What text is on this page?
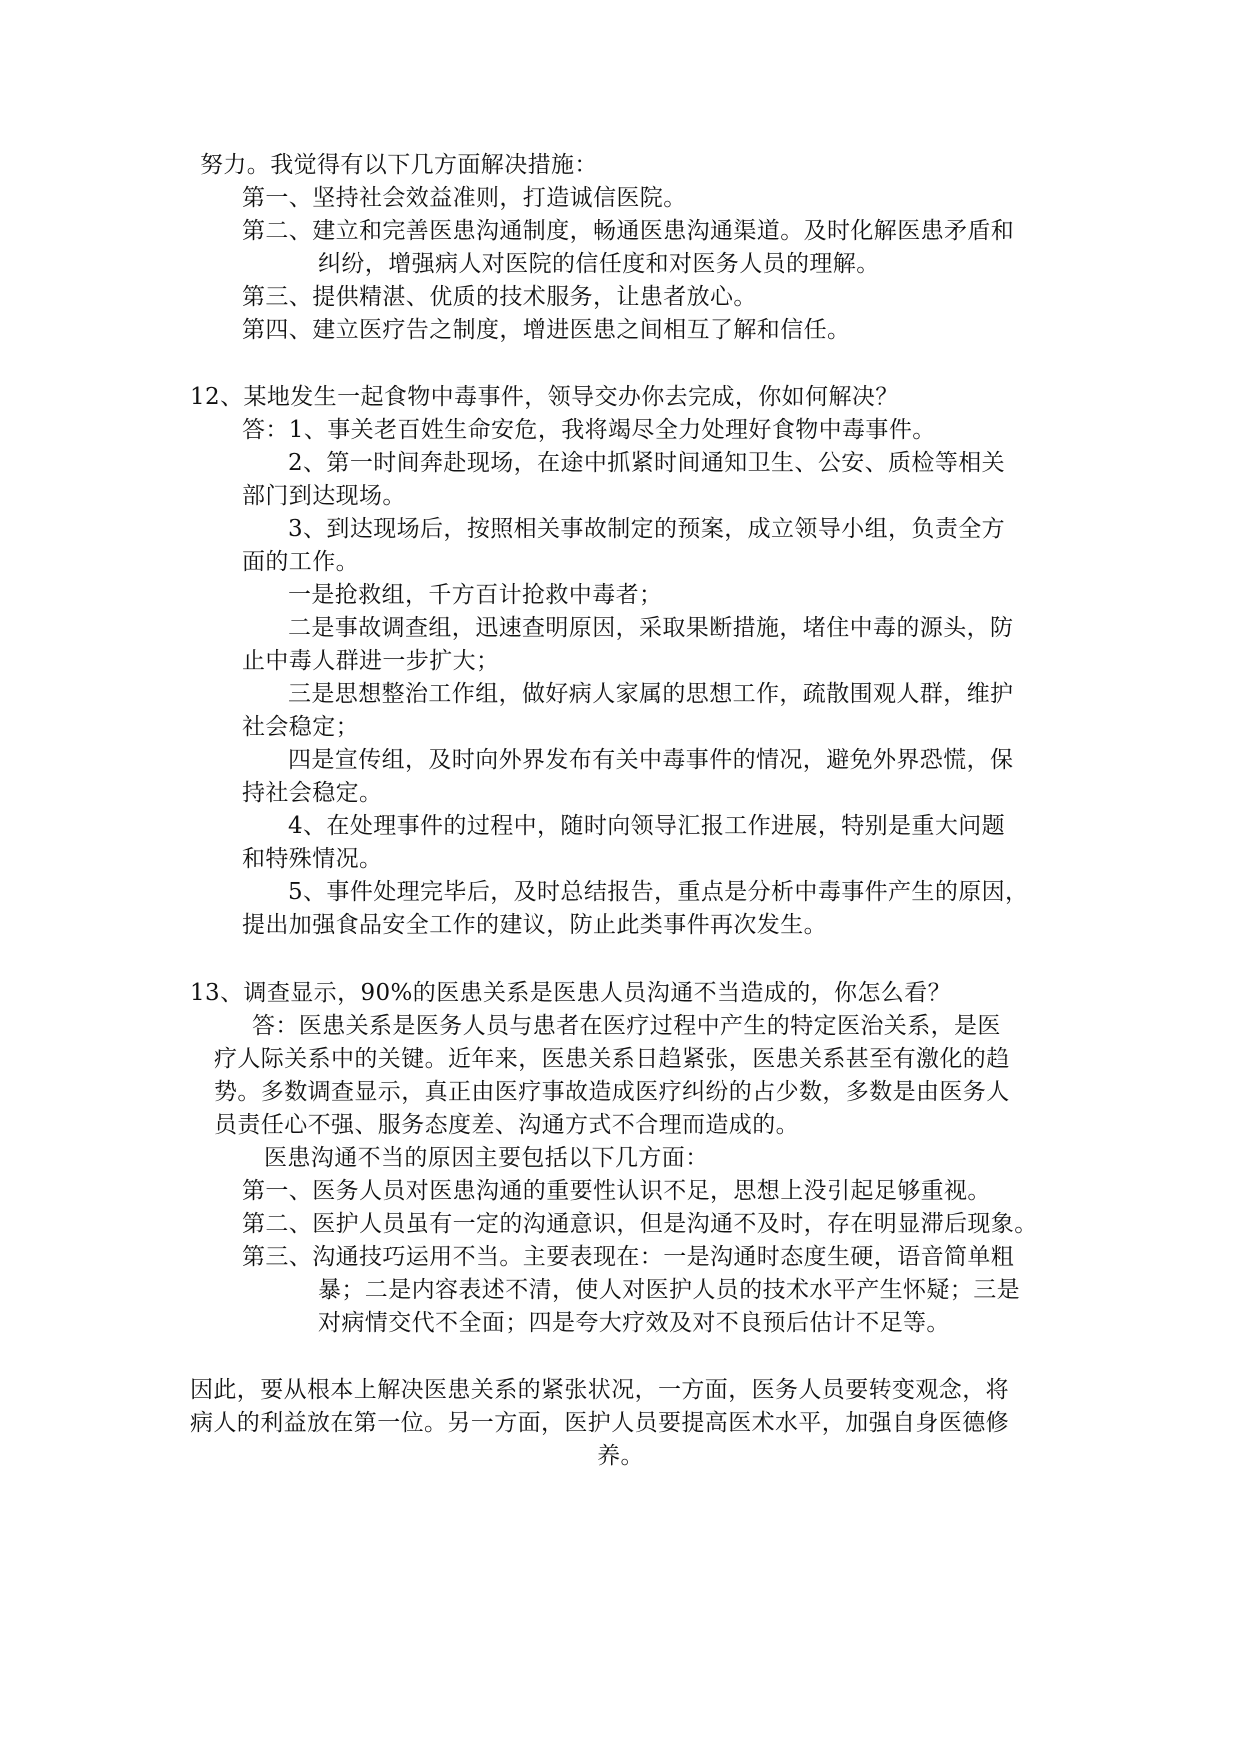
努力。我觉得有以下几方面解决措施：
第一、坚持社会效益准则，打造诚信医院。
第二、建立和完善医患沟通制度，畅通医患沟通渠道。及时化解医患矛盾和
纠纷，增强病人对医院的信任度和对医务人员的理解。
第三、提供精湛、优质的技术服务，让患者放心。
第四、建立医疗告之制度，增进医患之间相互了解和信任。
12、某地发生一起食物中毒事件，领导交办你去完成，你如何解决？
答：1、事关老百姓生命安危，我将竭尽全力处理好食物中毒事件。
2、第一时间奔赴现场，在途中抓紧时间通知卫生、公安、质检等相关
部门到达现场。
3、到达现场后，按照相关事故制定的预案，成立领导小组，负责全方
面的工作。
一是抢救组，千方百计抢救中毒者；
二是事故调查组，迅速查明原因，采取果断措施，堵住中毒的源头，防
止中毒人群进一步扩大；
三是思想整治工作组，做好病人家属的思想工作，疏散围观人群，维护
社会稳定；
四是宣传组，及时向外界发布有关中毒事件的情况，避免外界恐慌，保
持社会稳定。
4、在处理事件的过程中，随时向领导汇报工作进展，特别是重大问题
和特殊情况。
5、事件处理完毕后，及时总结报告，重点是分析中毒事件产生的原因，
提出加强食品安全工作的建议，防止此类事件再次发生。
13、调查显示，90%的医患关系是医患人员沟通不当造成的，你怎么看？
答：医患关系是医务人员与患者在医疗过程中产生的特定医治关系，是医
疗人际关系中的关键。近年来，医患关系日趋紧张，医患关系甚至有激化的趋
势。多数调查显示，真正由医疗事故造成医疗纠纷的占少数，多数是由医务人
员责任心不强、服务态度差、沟通方式不合理而造成的。
医患沟通不当的原因主要包括以下几方面：
第一、医务人员对医患沟通的重要性认识不足，思想上没引起足够重视。
第二、医护人员虽有一定的沟通意识，但是沟通不及时，存在明显滞后现象。
第三、沟通技巧运用不当。主要表现在：一是沟通时态度生硬，语音简单粗
暴；二是内容表述不清，使人对医护人员的技术水平产生怀疑；三是
对病情交代不全面；四是夸大疗效及对不良预后估计不足等。
因此，要从根本上解决医患关系的紧张状况，一方面，医务人员要转变观念，将
病人的利益放在第一位。另一方面，医护人员要提高医术水平，加强自身医德修
养。
